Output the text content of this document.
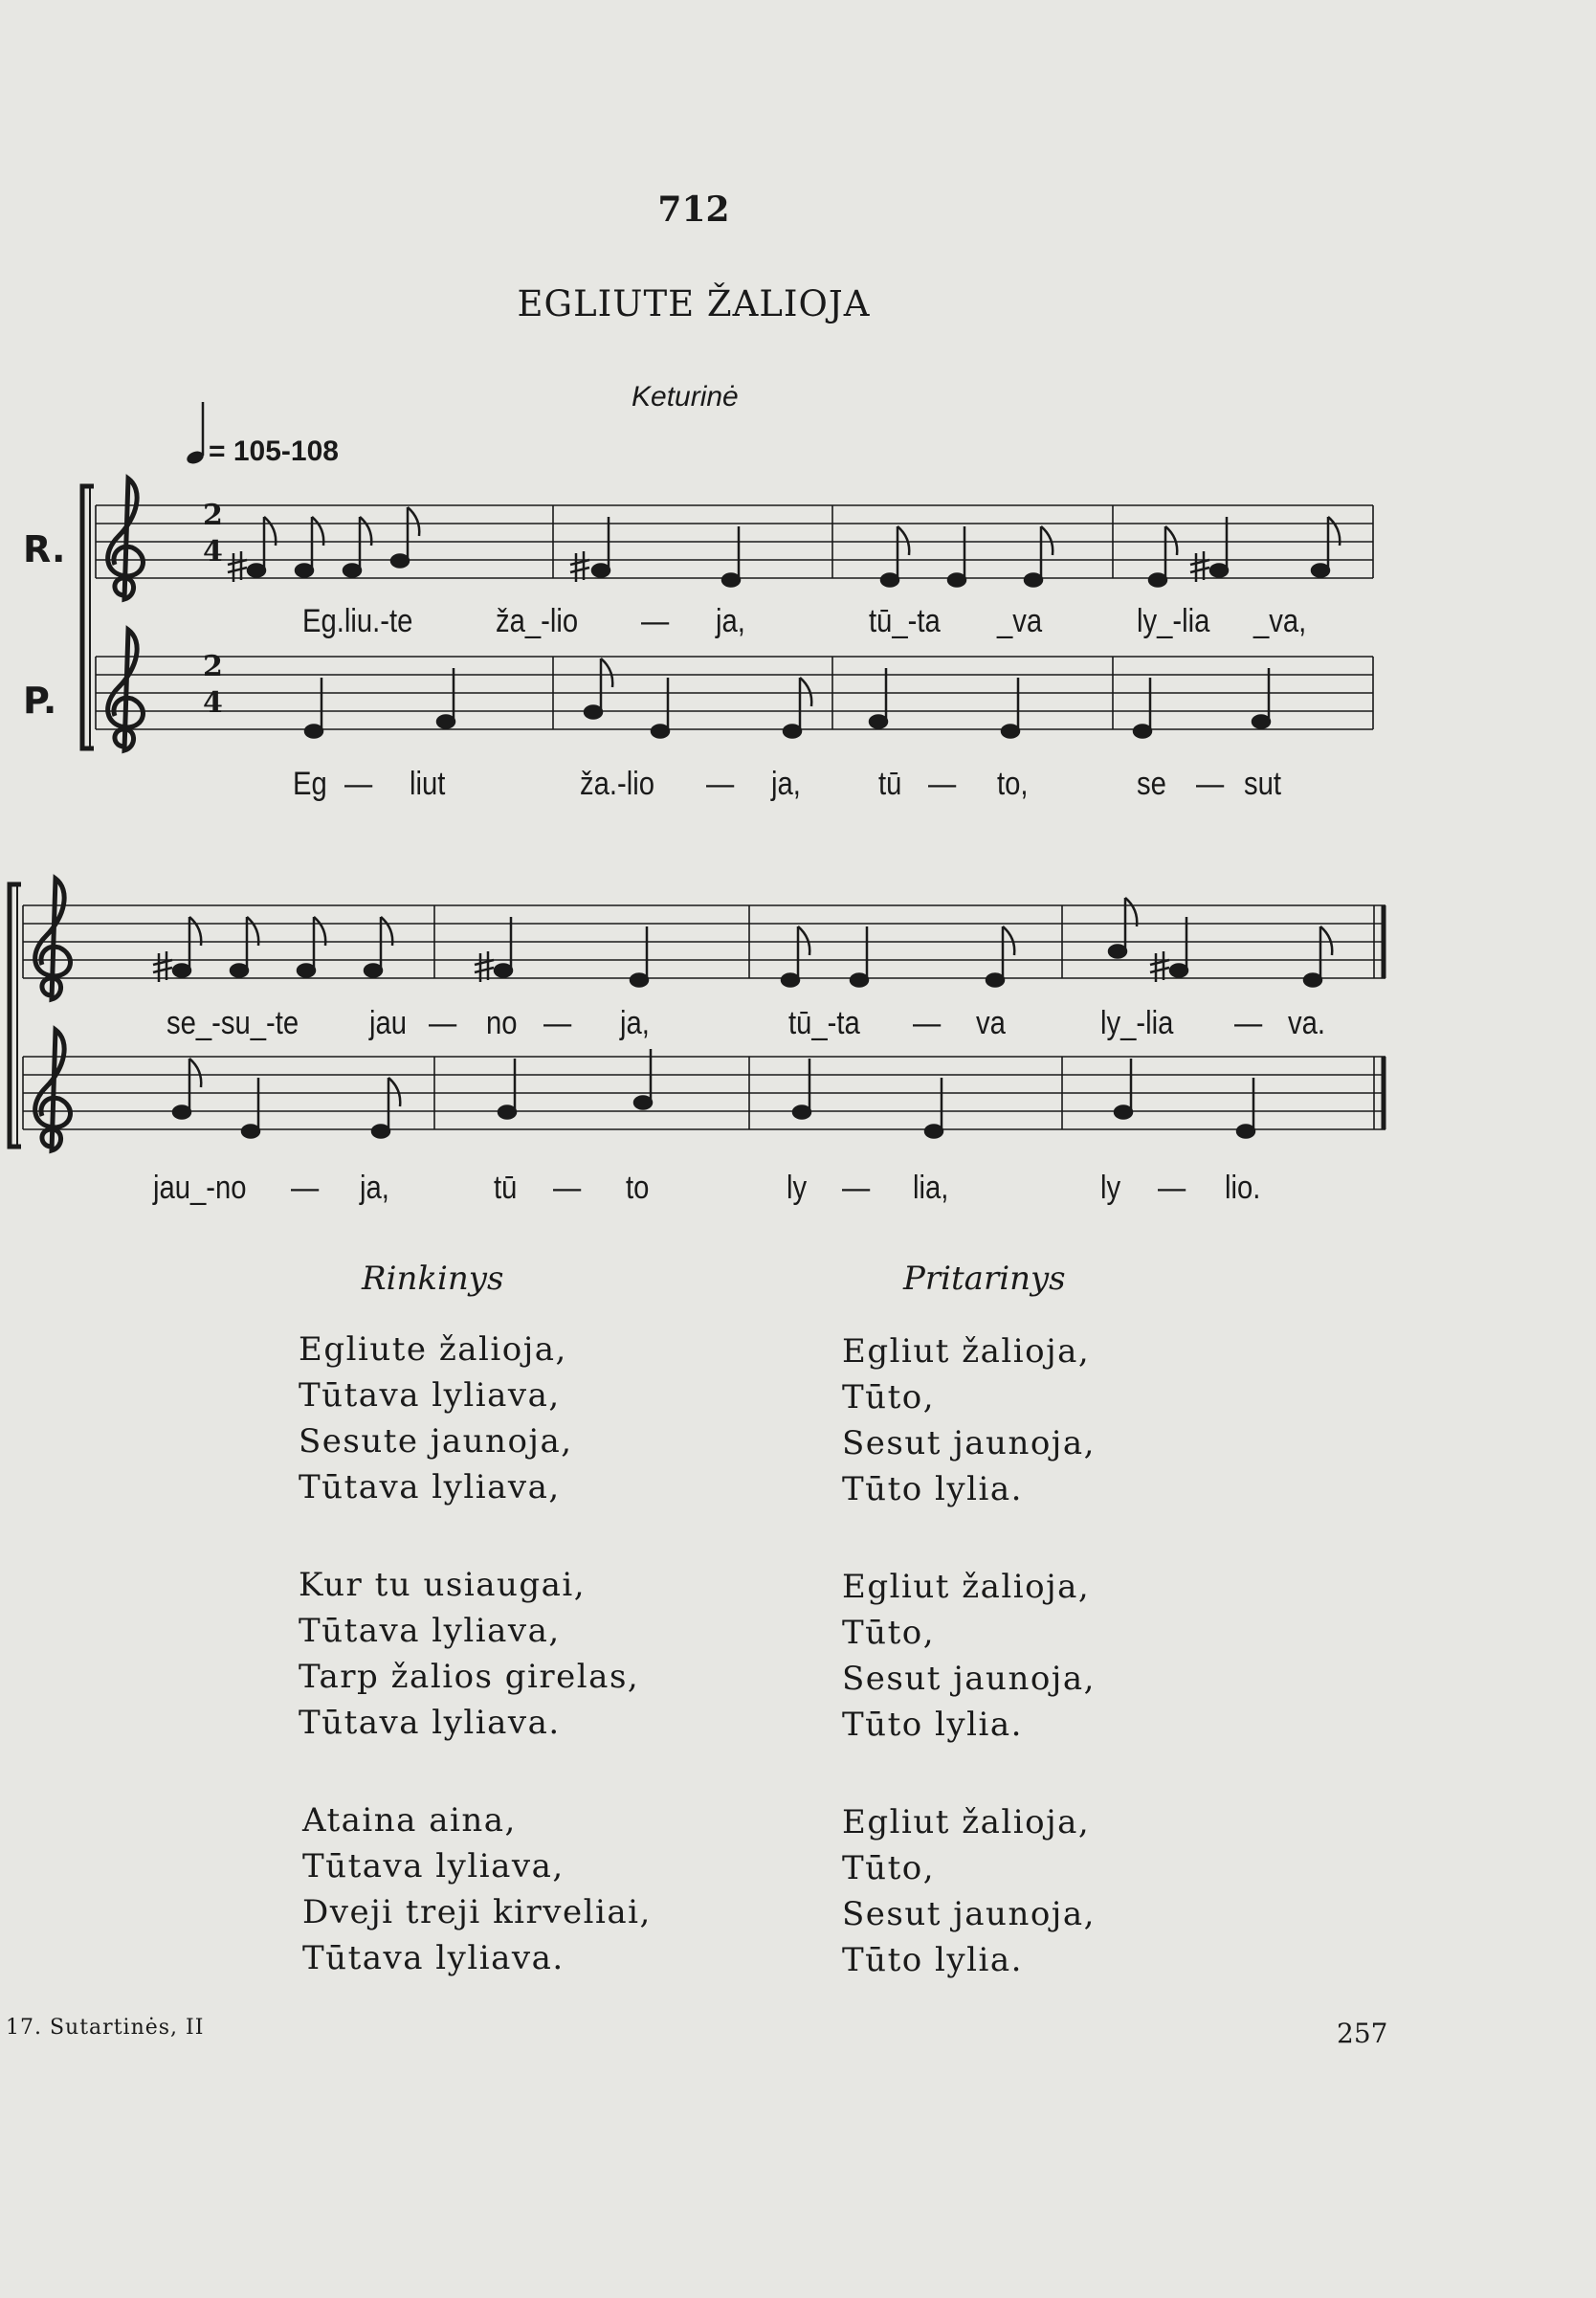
712
EGLIUTE ŽALIOJA
Keturinė
= 105-108
R.
P.
2
4
2
4
Eg.liu.-te	ža_-lio — ja,	tū_-ta _va	ly_-lia _va,
Eg — liut	ža.-lio — ja, tū — to,	se — sut
se_-su_-te jau — no — ja,	tū_-ta — va	ly_-lia — va.
jau_-no — ja,	tū — to	ly — lia,	ly — lio.
Rinkinys	Pritarinys
Egliute žalioja,
Tūtava lyliava,
Sesute jaunoja,
Tūtava lyliava,
Kur tu usiaugai,
Tūtava lyliava,
Tarp žalios girelas,
Tūtava lyliava.
Ataina aina,
Tūtava lyliava,
Dveji treji kirveliai,
Tūtava lyliava.
Egliut žalioja,
Tūto,
Sesut jaunoja,
Tūto lylia.
Egliut žalioja,
Tūto,
Sesut jaunoja,
Tūto lylia.
Egliut žalioja,
Tūto,
Sesut jaunoja,
Tūto lylia.
17. Sutartinės, II	257
